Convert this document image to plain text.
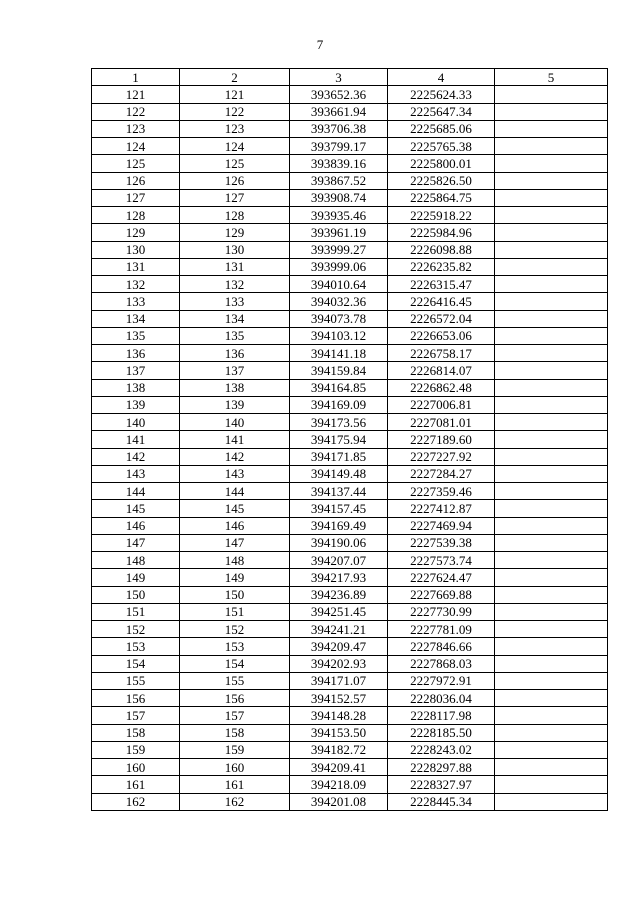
7
1	2	3	4	5
121	121	393652.36	2225624.33	
122	122	393661.94	2225647.34	
123	123	393706.38	2225685.06	
124	124	393799.17	2225765.38	
125	125	393839.16	2225800.01	
126	126	393867.52	2225826.50	
127	127	393908.74	2225864.75	
128	128	393935.46	2225918.22	
129	129	393961.19	2225984.96	
130	130	393999.27	2226098.88	
131	131	393999.06	2226235.82	
132	132	394010.64	2226315.47	
133	133	394032.36	2226416.45	
134	134	394073.78	2226572.04	
135	135	394103.12	2226653.06	
136	136	394141.18	2226758.17	
137	137	394159.84	2226814.07	
138	138	394164.85	2226862.48	
139	139	394169.09	2227006.81	
140	140	394173.56	2227081.01	
141	141	394175.94	2227189.60	
142	142	394171.85	2227227.92	
143	143	394149.48	2227284.27	
144	144	394137.44	2227359.46	
145	145	394157.45	2227412.87	
146	146	394169.49	2227469.94	
147	147	394190.06	2227539.38	
148	148	394207.07	2227573.74	
149	149	394217.93	2227624.47	
150	150	394236.89	2227669.88	
151	151	394251.45	2227730.99	
152	152	394241.21	2227781.09	
153	153	394209.47	2227846.66	
154	154	394202.93	2227868.03	
155	155	394171.07	2227972.91	
156	156	394152.57	2228036.04	
157	157	394148.28	2228117.98	
158	158	394153.50	2228185.50	
159	159	394182.72	2228243.02	
160	160	394209.41	2228297.88	
161	161	394218.09	2228327.97	
162	162	394201.08	2228445.34	
